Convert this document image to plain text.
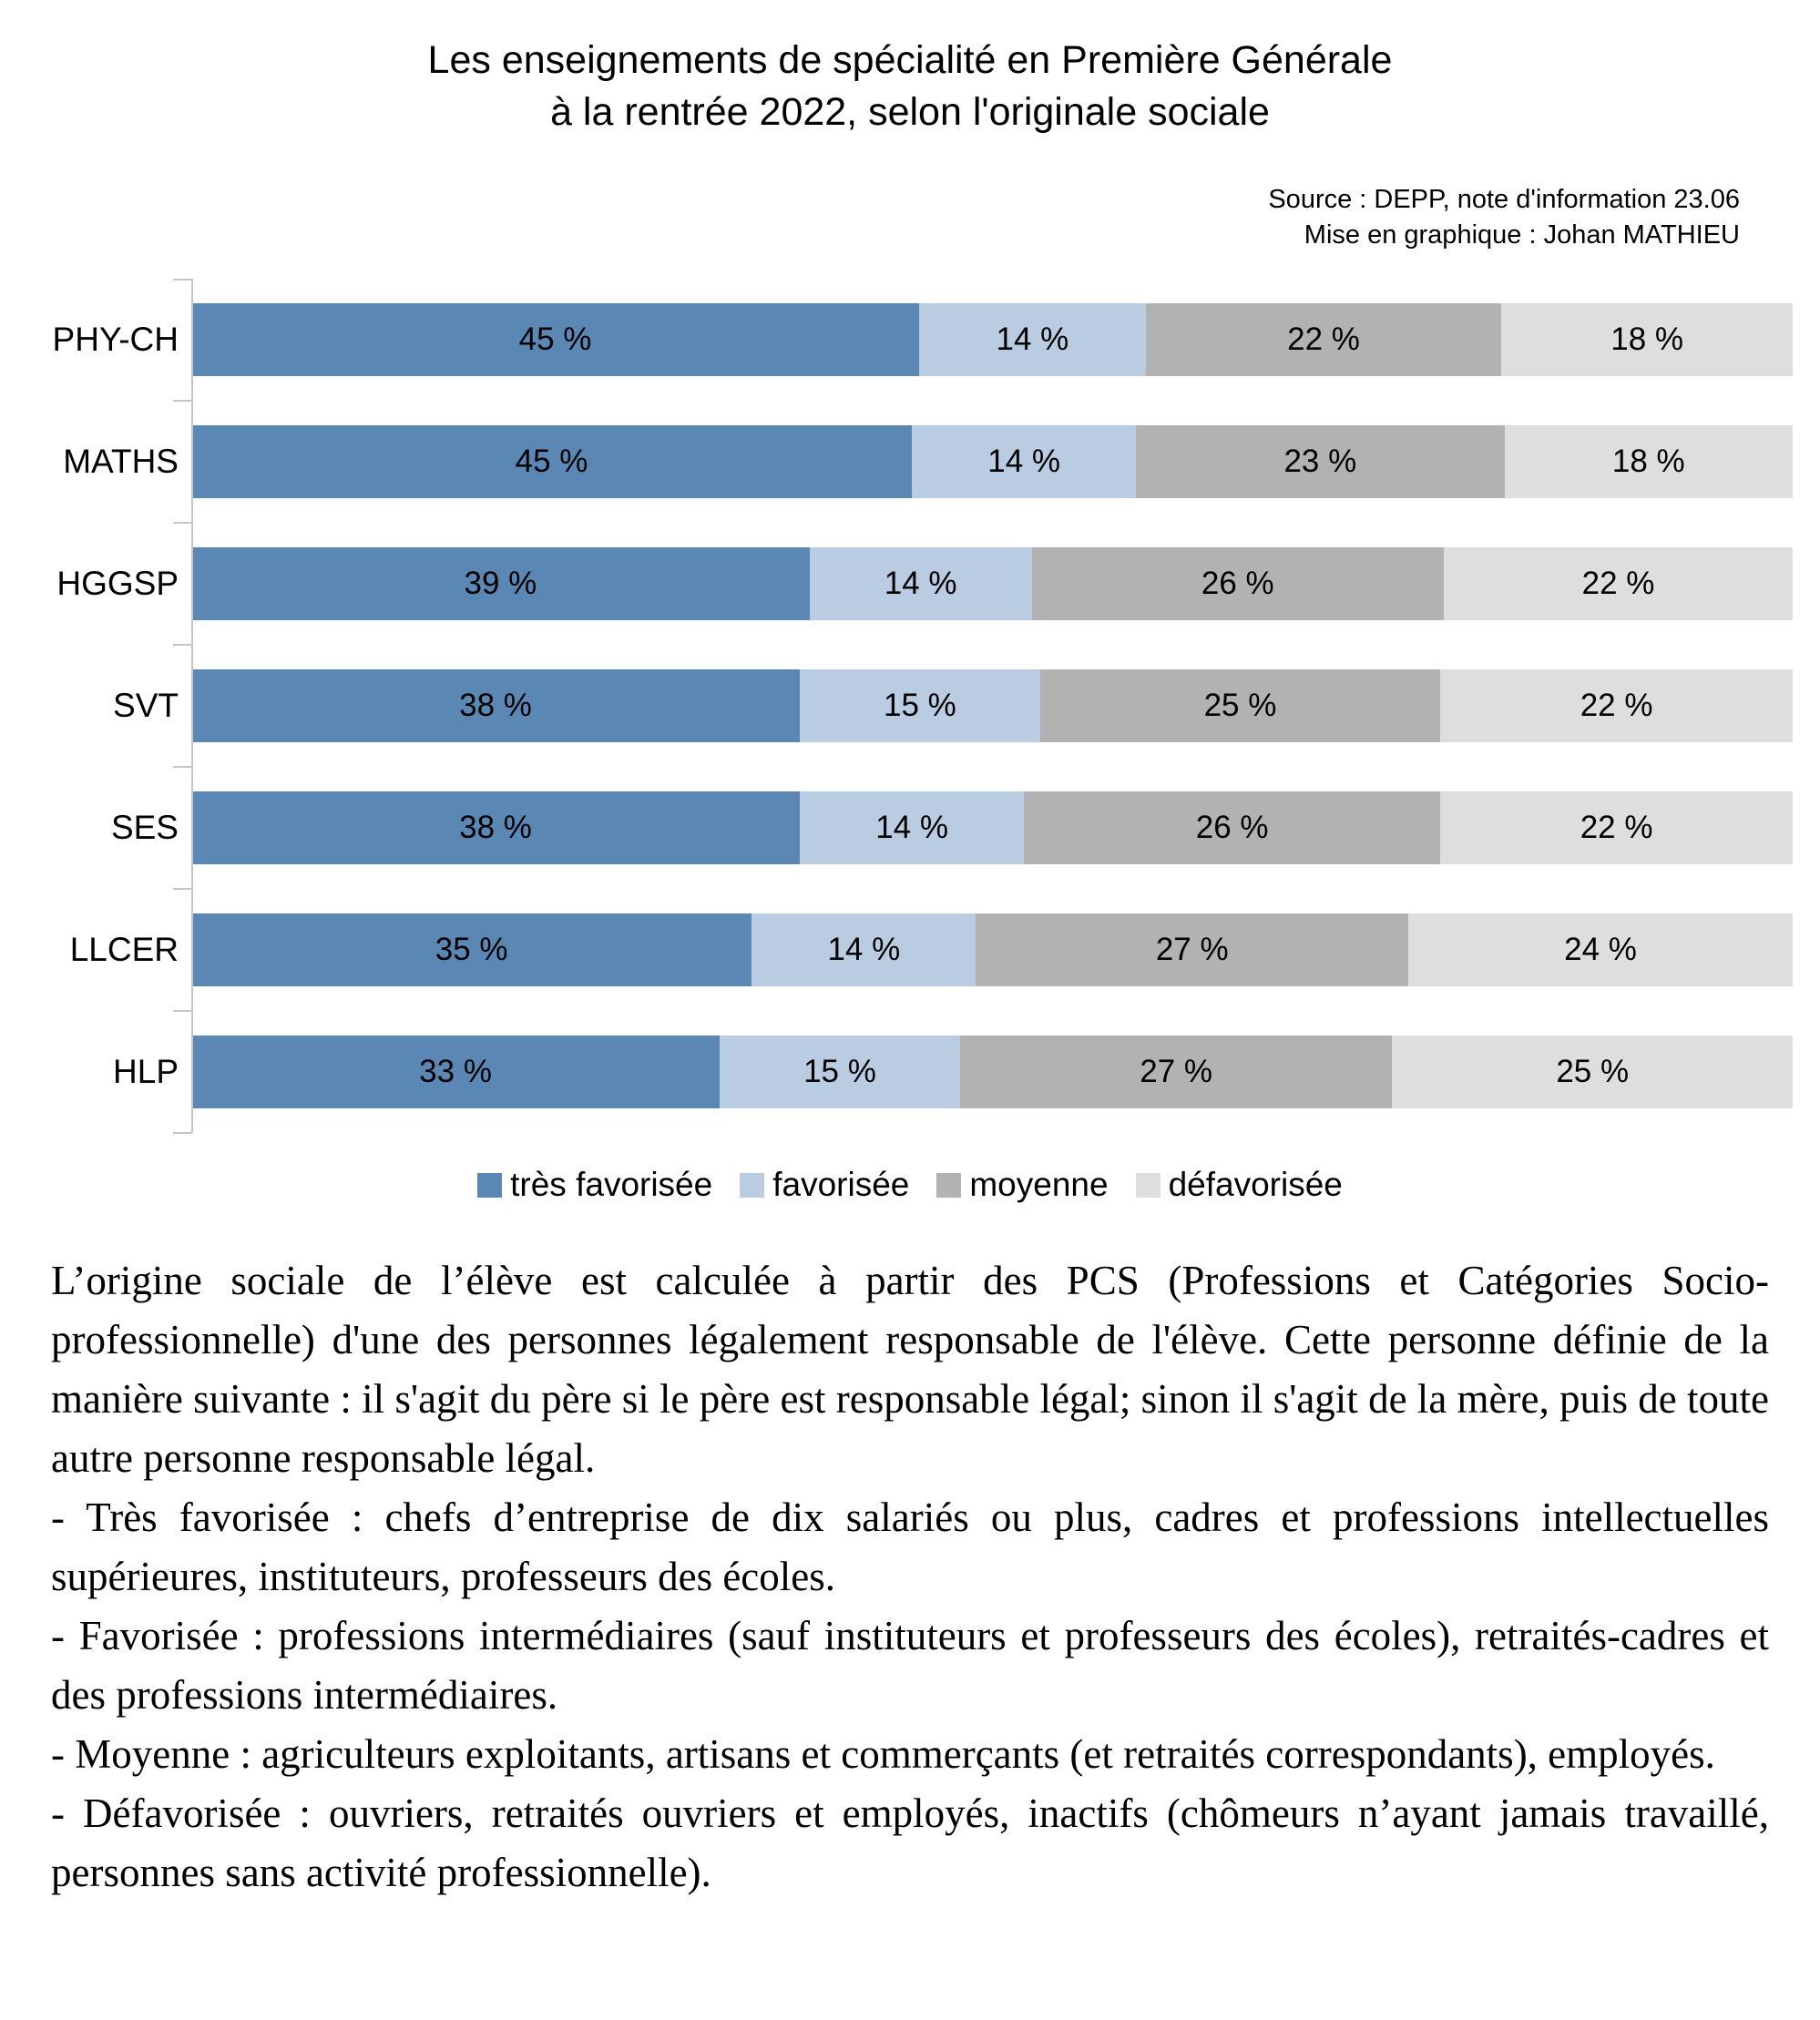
Les enseignements de spécialité en Première Générale
à la rentrée 2022, selon l'originale sociale
Source : DEPP, note d'information 23.06
Mise en graphique : Johan MATHIEU
PHY-CH	45 %	14 %	22 %	18 %
MATHS	45 %	14 %	23 %	18 %
HGGSP	39 %	14 %	26 %	22 %
SVT	38 %	15 %	25 %	22 %
SES	38 %	14 %	26 %	22 %
LLCER	35 %	14 %	27 %	24 %
HLP	33 %	15 %	27 %	25 %
très favorisée favorisée moyenne défavorisée

L’origine sociale de l’élève est calculée à partir des PCS (Professions et Catégories Socio-professionnelle) d'une des personnes légalement responsable de l'élève. Cette personne définie de la manière suivante : il s'agit du père si le père est responsable légal; sinon il s'agit de la mère, puis de toute autre personne responsable légal.

- Très favorisée : chefs d’entreprise de dix salariés ou plus, cadres et professions intellectuelles supérieures, instituteurs, professeurs des écoles.

- Favorisée : professions intermédiaires (sauf instituteurs et professeurs des écoles), retraités-cadres et des professions intermédiaires.

- Moyenne : agriculteurs exploitants, artisans et commerçants (et retraités correspondants), employés.

- Défavorisée : ouvriers, retraités ouvriers et employés, inactifs (chômeurs n’ayant jamais travaillé, personnes sans activité professionnelle).
